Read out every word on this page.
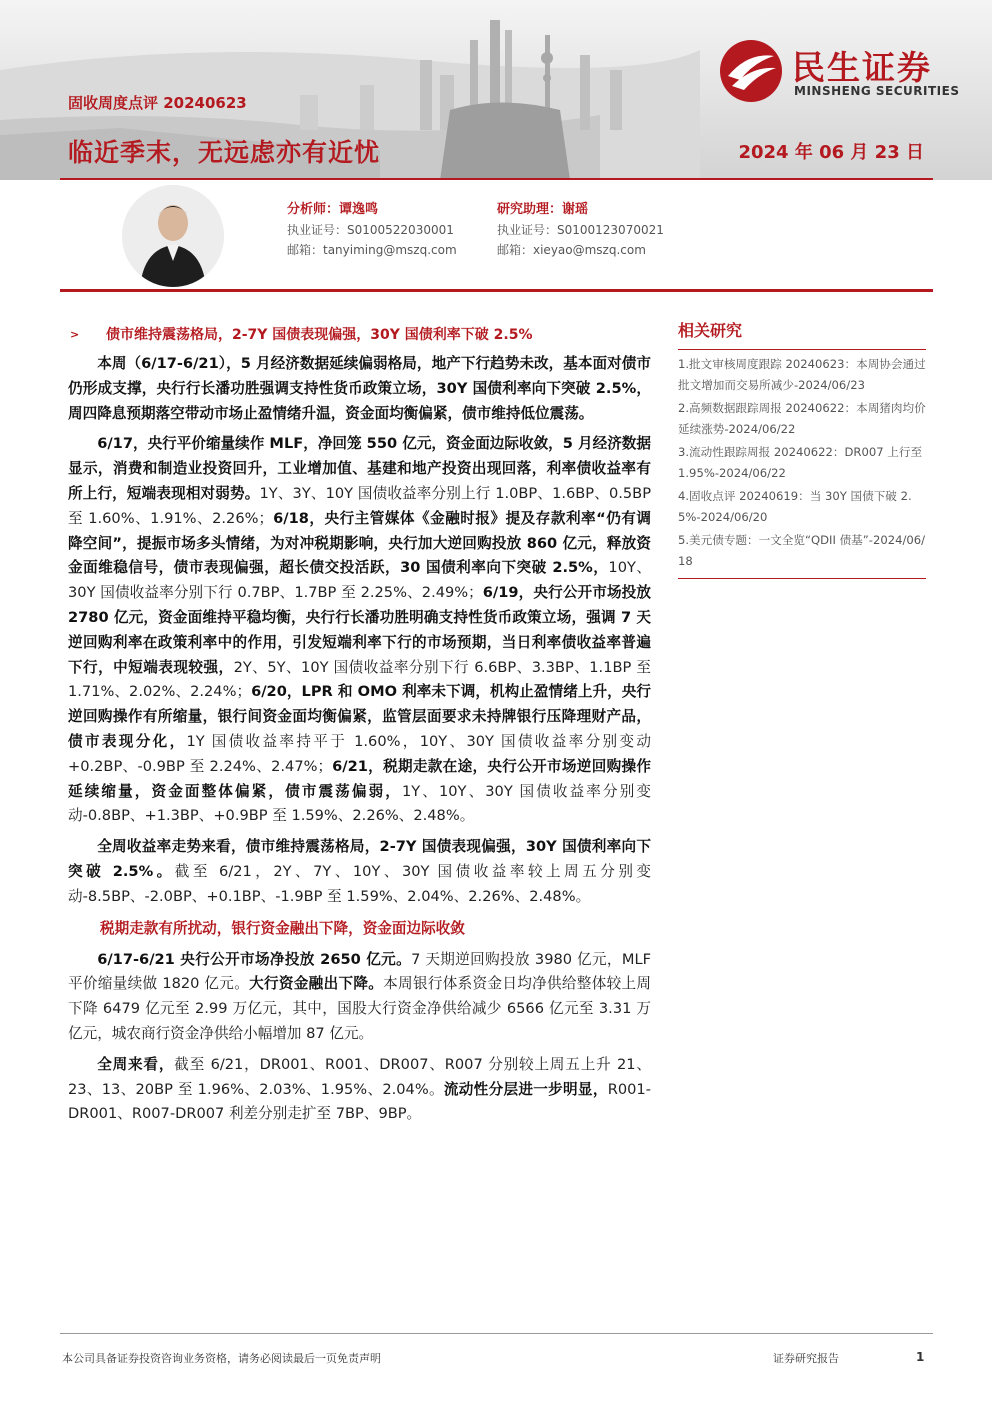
固收周度点评 20240623
临近季末，无远虑亦有近忧	2024 年 06 月 23 日
民生证券
MINSHENG SECURITIES
分析师：谭逸鸣
执业证号：S0100522030001
邮箱：tanyiming@mszq.com
研究助理：谢瑶
执业证号：S0100123070021
邮箱：xieyao@mszq.com
>	债市维持震荡格局，2-7Y 国债表现偏强，30Y 国债利率下破 2.5%

本周（6/17-6/21），5 月经济数据延续偏弱格局，地产下行趋势未改，基本面对债市仍形成支撑，央行行长潘功胜强调支持性货币政策立场，30Y 国债利率向下突破 2.5%，周四降息预期落空带动市场止盈情绪升温，资金面均衡偏紧，债市维持低位震荡。

6/17，央行平价缩量续作 MLF，净回笼 550 亿元，资金面边际收敛，5 月经济数据显示，消费和制造业投资回升，工业增加值、基建和地产投资出现回落，利率债收益率有所上行，短端表现相对弱势。1Y、3Y、10Y 国债收益率分别上行 1.0BP、1.6BP、0.5BP 至 1.60%、1.91%、2.26%；6/18，央行主管媒体《金融时报》提及存款利率“仍有调降空间”，提振市场多头情绪，为对冲税期影响，央行加大逆回购投放 860 亿元，释放资金面维稳信号，债市表现偏强，超长债交投活跃，30 国债利率向下突破 2.5%，10Y、30Y 国债收益率分别下行 0.7BP、1.7BP 至 2.25%、2.49%；6/19，央行公开市场投放 2780 亿元，资金面维持平稳均衡，央行行长潘功胜明确支持性货币政策立场，强调 7 天逆回购利率在政策利率中的作用，引发短端利率下行的市场预期，当日利率债收益率普遍下行，中短端表现较强，2Y、5Y、10Y 国债收益率分别下行 6.6BP、3.3BP、1.1BP 至 1.71%、2.02%、2.24%；6/20，LPR 和 OMO 利率未下调，机构止盈情绪上升，央行逆回购操作有所缩量，银行间资金面均衡偏紧，监管层面要求未持牌银行压降理财产品，债市表现分化，1Y 国债收益率持平于 1.60%，10Y、30Y 国债收益率分别变动+0.2BP、-0.9BP 至 2.24%、2.47%；6/21，税期走款在途，央行公开市场逆回购操作延续缩量，资金面整体偏紧，债市震荡偏弱，1Y、10Y、30Y 国债收益率分别变动-0.8BP、+1.3BP、+0.9BP 至 1.59%、2.26%、2.48%。

全周收益率走势来看，债市维持震荡格局，2-7Y 国债表现偏强，30Y 国债利率向下突破 2.5%。截至 6/21，2Y、7Y、10Y、30Y 国债收益率较上周五分别变动-8.5BP、-2.0BP、+0.1BP、-1.9BP 至 1.59%、2.04%、2.26%、2.48%。

税期走款有所扰动，银行资金融出下降，资金面边际收敛

6/17-6/21 央行公开市场净投放 2650 亿元。7 天期逆回购投放 3980 亿元，MLF 平价缩量续做 1820 亿元。大行资金融出下降。本周银行体系资金日均净供给整体较上周下降 6479 亿元至 2.99 万亿元，其中，国股大行资金净供给减少 6566 亿元至 3.31 万亿元，城农商行资金净供给小幅增加 87 亿元。

全周来看，截至 6/21，DR001、R001、DR007、R007 分别较上周五上升 21、23、13、20BP 至 1.96%、2.03%、1.95%、2.04%。流动性分层进一步明显，R001-DR001、R007-DR007 利差分别走扩至 7BP、9BP。

相关研究
1.批文审核周度跟踪 20240623：本周协会通过批文增加而交易所减少-2024/06/23
2.高频数据跟踪周报 20240622：本周猪肉均价延续涨势-2024/06/22
3.流动性跟踪周报 20240622：DR007 上行至 1.95%-2024/06/22
4.固收点评 20240619：当 30Y 国债下破 2.5%-2024/06/20
5.美元债专题：一文全览“QDII 债基”-2024/06/18
本公司具备证券投资咨询业务资格，请务必阅读最后一页免责声明	证券研究报告	1
